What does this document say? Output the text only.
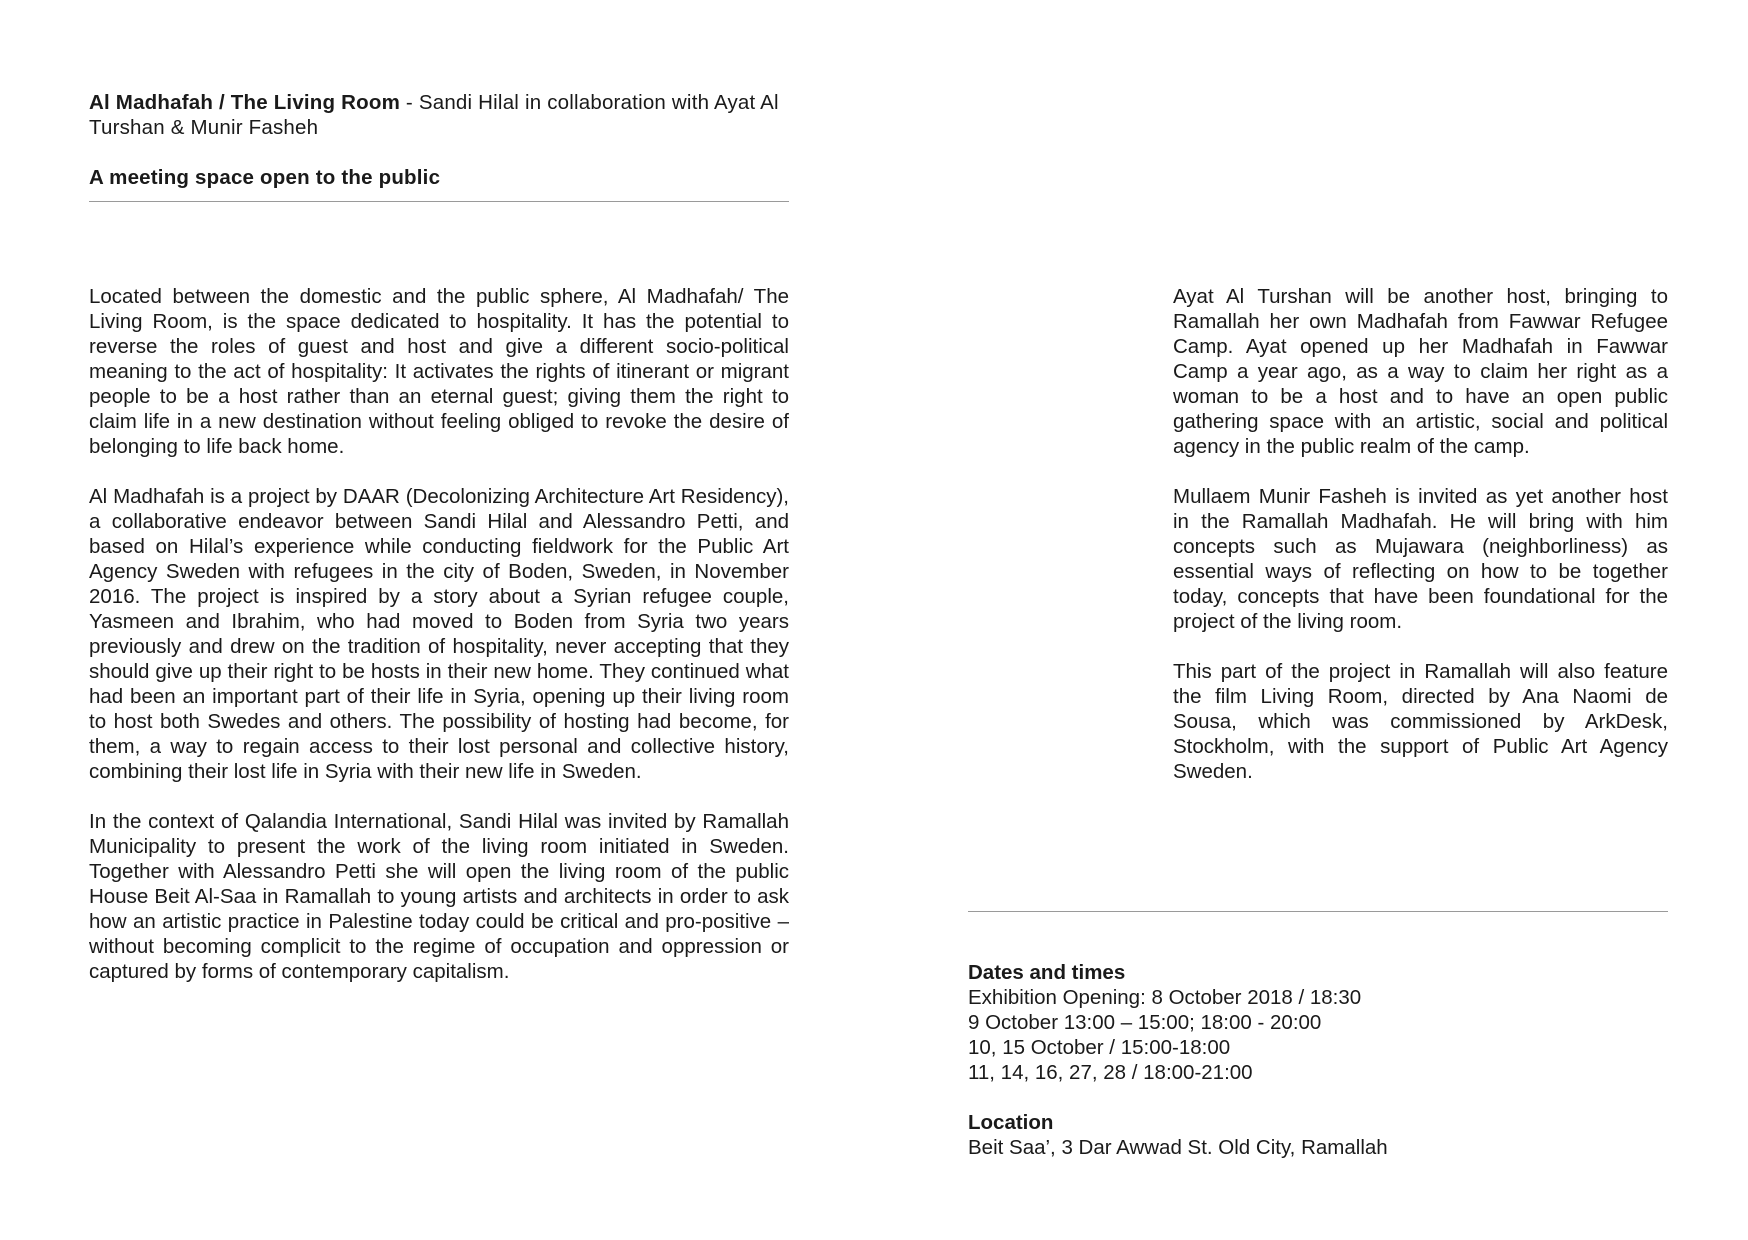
Al Madhafah / The Living Room - Sandi Hilal in collaboration with Ayat Al Turshan & Munir Fasheh
A meeting space open to the public

Located between the domestic and the public sphere, Al Madhafah/ The Living Room, is the space dedicated to hospitality. It has the potential to reverse the roles of guest and host and give a different socio-political meaning to the act of hospitality: It activates the rights of itinerant or migrant people to be a host rather than an eternal guest; giving them the right to claim life in a new destination without feeling obliged to revoke the desire of belonging to life back home.

Al Madhafah is a project by DAAR (Decolonizing Architecture Art Residency), a collaborative endeavor between Sandi Hilal and Alessandro Petti, and based on Hilal’s experience while conducting fieldwork for the Public Art Agency Sweden with refugees in the city of Boden, Sweden, in November 2016. The project is inspired by a story about a Syrian refugee couple, Yasmeen and Ibrahim, who had moved to Boden from Syria two years previously and drew on the tradition of hospitality, never accepting that they should give up their right to be hosts in their new home. They continued what had been an important part of their life in Syria, opening up their living room to host both Swedes and others. The possibility of hosting had become, for them, a way to regain access to their lost personal and collective history, combining their lost life in Syria with their new life in Sweden.

In the context of Qalandia International, Sandi Hilal was invited by Ramallah Municipality to present the work of the living room initiated in Sweden. Together with Alessandro Petti she will open the living room of the public House Beit Al-Saa in Ramallah to young artists and architects in order to ask how an artistic practice in Palestine today could be critical and pro-positive – without becoming complicit to the regime of occupation and oppression or captured by forms of contemporary capitalism.

Ayat Al Turshan will be another host, bringing to Ramallah her own Madhafah from Fawwar Refugee Camp. Ayat opened up her Madhafah in Fawwar Camp a year ago, as a way to claim her right as a woman to be a host and to have an open public gathering space with an artistic, social and political agency in the public realm of the camp.

Mullaem Munir Fasheh is invited as yet another host in the Ramallah Madhafah. He will bring with him concepts such as Mujawara (neighborliness) as essential ways of reflecting on how to be together today, concepts that have been foundational for the project of the living room.

This part of the project in Ramallah will also feature the film Living Room, directed by Ana Naomi de Sousa, which was commissioned by ArkDesk, Stockholm, with the support of Public Art Agency Sweden.

Dates and times

Exhibition Opening: 8 October 2018 / 18:30

9 October 13:00 – 15:00; 18:00 - 20:00

10, 15 October / 15:00-18:00

11, 14, 16, 27, 28 / 18:00-21:00

Location

Beit Saa’, 3 Dar Awwad St. Old City, Ramallah
